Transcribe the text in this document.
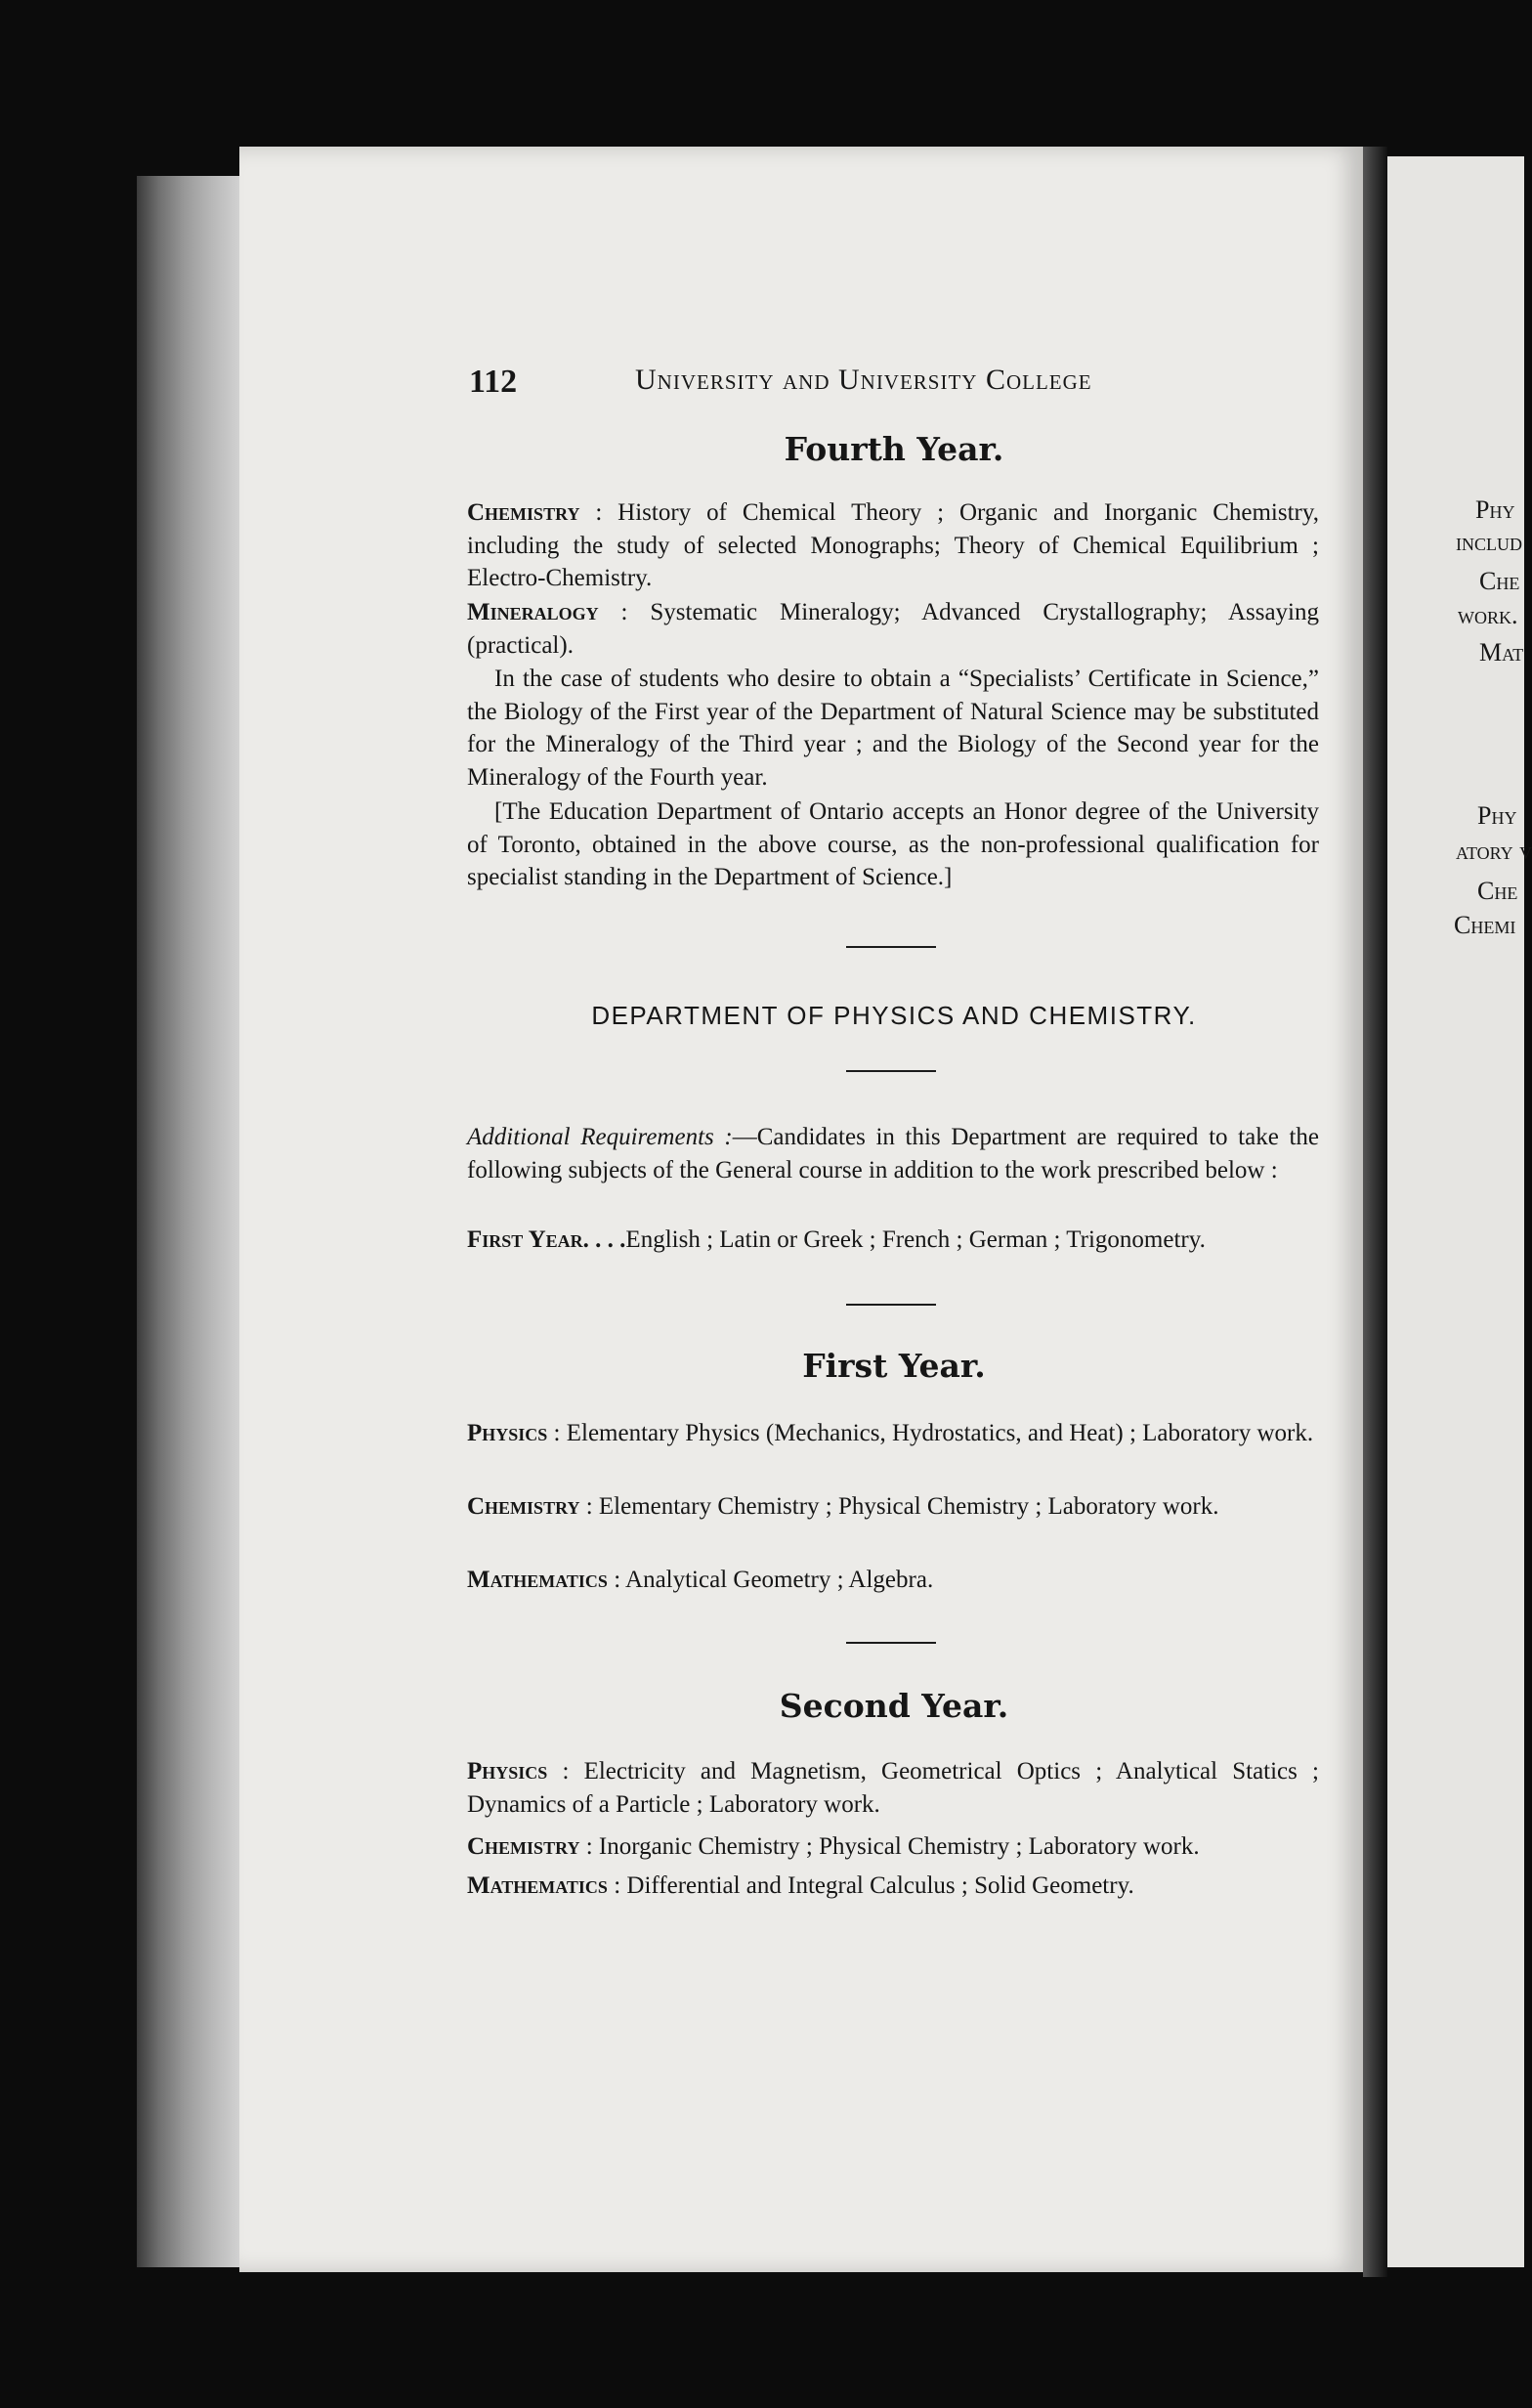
Phy
includ
Che
work.
Mat
Phy
atory v
Che
Chemi
112	University and University College
Fourth Year.

Chemistry : History of Chemical Theory ; Organic and Inorganic Chemistry, including the study of selected Monographs; Theory of Chemical Equilibrium ; Electro-Chemistry.

Mineralogy : Systematic Mineralogy; Advanced Crystallography; Assaying (practical).

In the case of students who desire to obtain a “Specialists’ Certificate in Science,” the Biology of the First year of the Department of Natural Science may be substituted for the Mineralogy of the Third year ; and the Biology of the Second year for the Mineralogy of the Fourth year.

[The Education Department of Ontario accepts an Honor degree of the University of Toronto, obtained in the above course, as the non-professional qualification for specialist standing in the Department of Science.]

DEPARTMENT OF PHYSICS AND CHEMISTRY.

Additional Requirements :—Candidates in this Department are required to take the following subjects of the General course in addition to the work prescribed below :

First Year. . . .English ; Latin or Greek ; French ; German ; Trigonometry.

First Year.

Physics : Elementary Physics (Mechanics, Hydrostatics, and Heat) ; Laboratory work.

Chemistry : Elementary Chemistry ; Physical Chemistry ; Laboratory work.

Mathematics : Analytical Geometry ; Algebra.

Second Year.

Physics : Electricity and Magnetism, Geometrical Optics ; Analytical Statics ; Dynamics of a Particle ; Laboratory work.

Chemistry : Inorganic Chemistry ; Physical Chemistry ; Laboratory work.

Mathematics : Differential and Integral Calculus ; Solid Geometry.
